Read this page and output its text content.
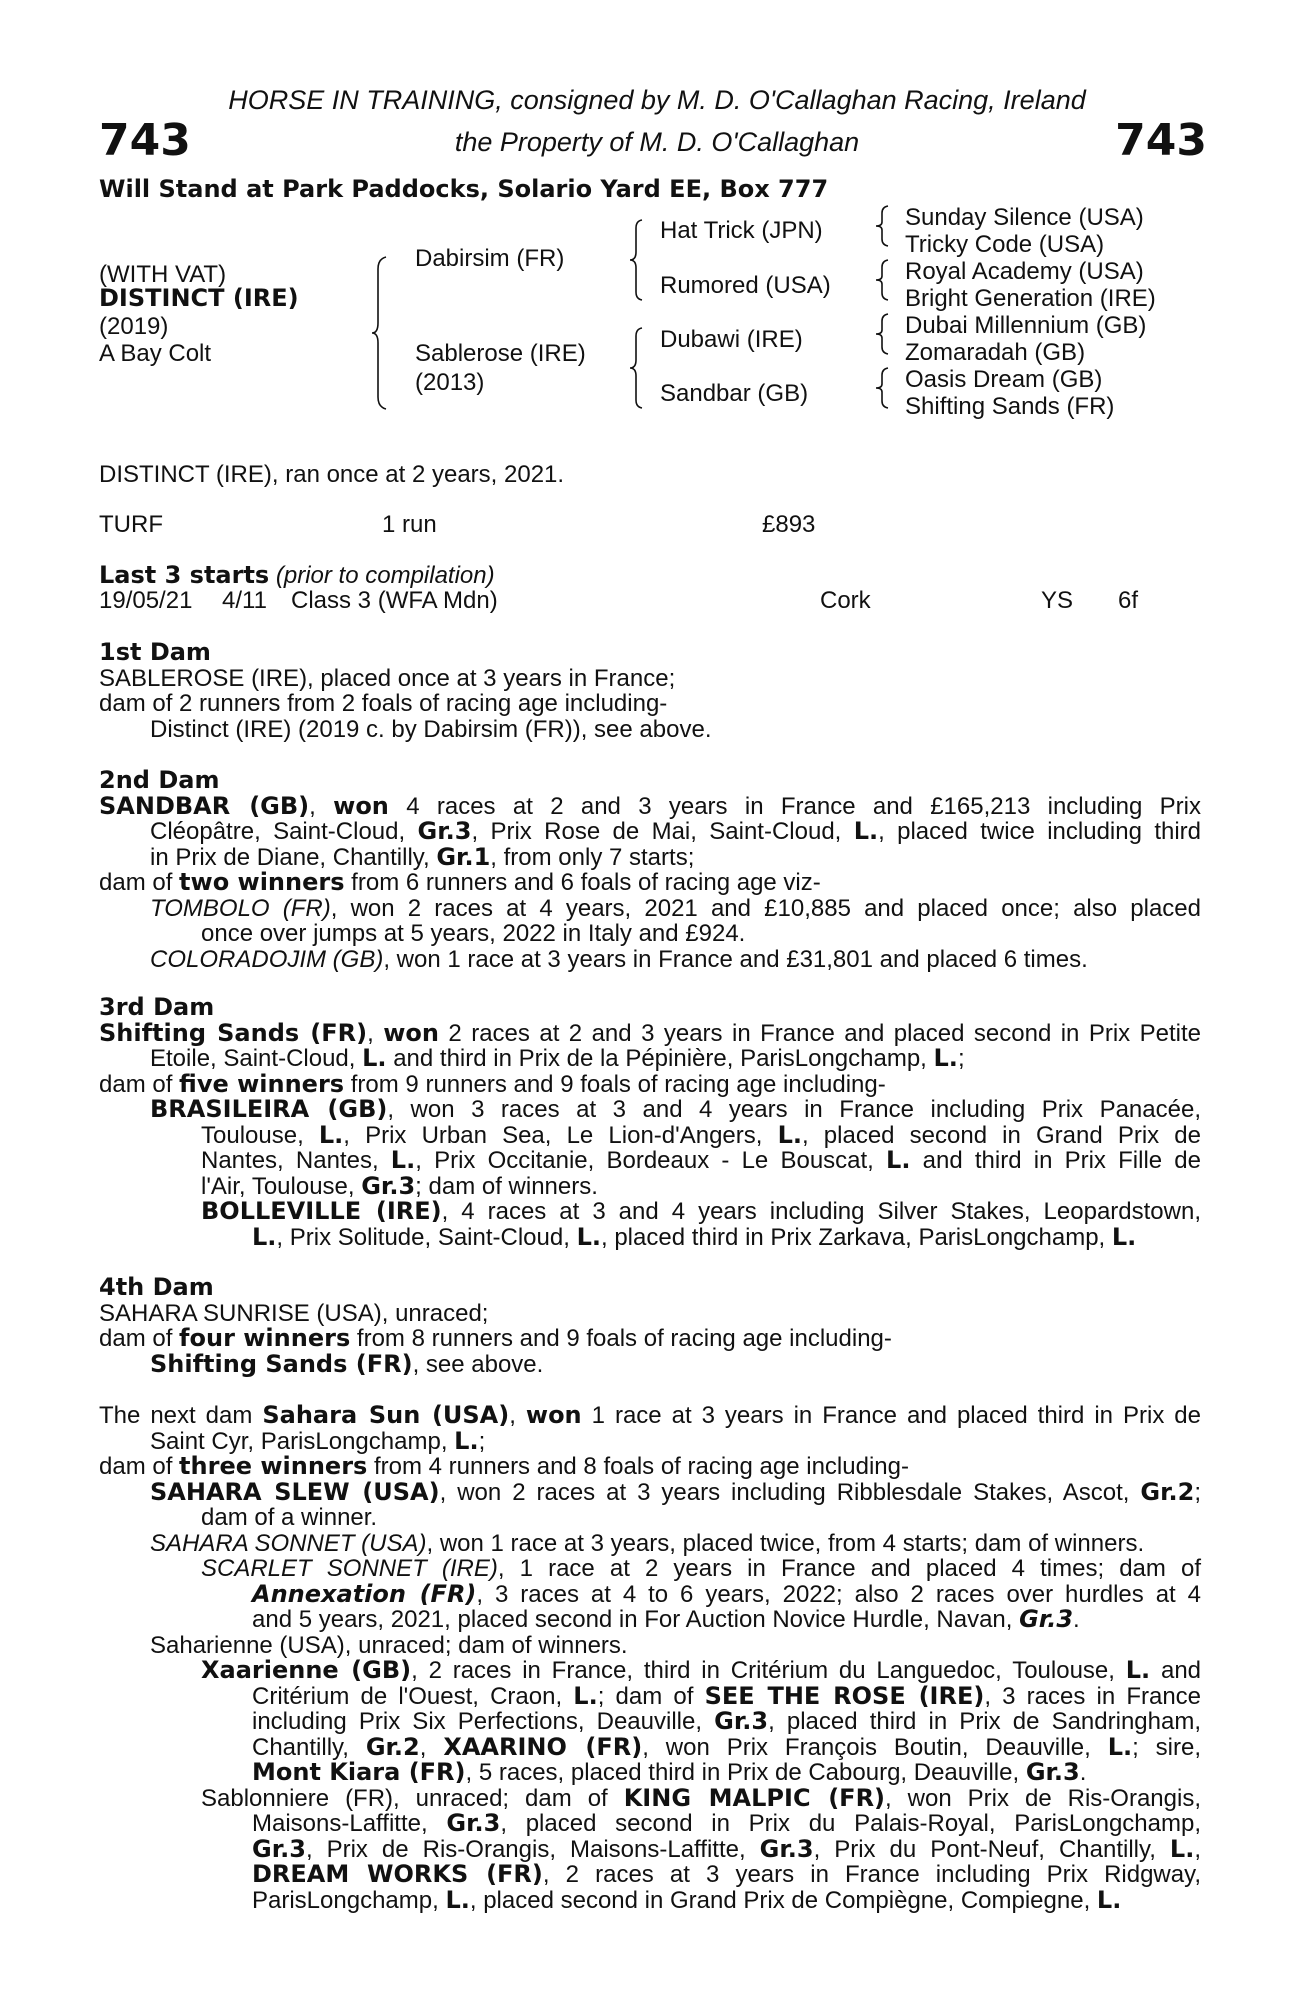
743	743
HORSE IN TRAINING, consigned by M. D. O'Callaghan Racing, Ireland
the Property of M. D. O'Callaghan
Will Stand at Park Paddocks, Solario Yard EE, Box 777
(WITH VAT)
DISTINCT (IRE)
(2019)
A Bay Colt
Dabirsim (FR)
Sablerose (IRE)
(2013)
Hat Trick (JPN)
Rumored (USA)
Dubawi (IRE)
Sandbar (GB)
Sunday Silence (USA)
Tricky Code (USA)
Royal Academy (USA)
Bright Generation (IRE)
Dubai Millennium (GB)
Zomaradah (GB)
Oasis Dream (GB)
Shifting Sands (FR)
DISTINCT (IRE), ran once at 2 years, 2021.
TURF	1 run	£893
Last 3 starts (prior to compilation)
19/05/21 4/11 Class 3 (WFA Mdn)	Cork	YS 6f
1st Dam
SABLEROSE (IRE), placed once at 3 years in France;
dam of 2 runners from 2 foals of racing age including-
Distinct (IRE) (2019 c. by Dabirsim (FR)), see above.
2nd Dam
SANDBAR (GB), won 4 races at 2 and 3 years in France and £165,213 including Prix
Cléopâtre, Saint-Cloud, Gr.3, Prix Rose de Mai, Saint-Cloud, L., placed twice including third
in Prix de Diane, Chantilly, Gr.1, from only 7 starts;
dam of two winners from 6 runners and 6 foals of racing age viz-
TOMBOLO (FR), won 2 races at 4 years, 2021 and £10,885 and placed once; also placed
once over jumps at 5 years, 2022 in Italy and £924.
COLORADOJIM (GB), won 1 race at 3 years in France and £31,801 and placed 6 times.
3rd Dam
Shifting Sands (FR), won 2 races at 2 and 3 years in France and placed second in Prix Petite
Etoile, Saint-Cloud, L. and third in Prix de la Pépinière, ParisLongchamp, L.;
dam of five winners from 9 runners and 9 foals of racing age including-
BRASILEIRA (GB), won 3 races at 3 and 4 years in France including Prix Panacée,
Toulouse, L., Prix Urban Sea, Le Lion-d'Angers, L., placed second in Grand Prix de
Nantes, Nantes, L., Prix Occitanie, Bordeaux - Le Bouscat, L. and third in Prix Fille de
l'Air, Toulouse, Gr.3; dam of winners.
BOLLEVILLE (IRE), 4 races at 3 and 4 years including Silver Stakes, Leopardstown,
L., Prix Solitude, Saint-Cloud, L., placed third in Prix Zarkava, ParisLongchamp, L.
4th Dam
SAHARA SUNRISE (USA), unraced;
dam of four winners from 8 runners and 9 foals of racing age including-
Shifting Sands (FR), see above.
The next dam Sahara Sun (USA), won 1 race at 3 years in France and placed third in Prix de
Saint Cyr, ParisLongchamp, L.;
dam of three winners from 4 runners and 8 foals of racing age including-
SAHARA SLEW (USA), won 2 races at 3 years including Ribblesdale Stakes, Ascot, Gr.2;
dam of a winner.
SAHARA SONNET (USA), won 1 race at 3 years, placed twice, from 4 starts; dam of winners.
SCARLET SONNET (IRE), 1 race at 2 years in France and placed 4 times; dam of
Annexation (FR), 3 races at 4 to 6 years, 2022; also 2 races over hurdles at 4
and 5 years, 2021, placed second in For Auction Novice Hurdle, Navan, Gr.3.
Saharienne (USA), unraced; dam of winners.
Xaarienne (GB), 2 races in France, third in Critérium du Languedoc, Toulouse, L. and
Critérium de l'Ouest, Craon, L.; dam of SEE THE ROSE (IRE), 3 races in France
including Prix Six Perfections, Deauville, Gr.3, placed third in Prix de Sandringham,
Chantilly, Gr.2, XAARINO (FR), won Prix François Boutin, Deauville, L.; sire,
Mont Kiara (FR), 5 races, placed third in Prix de Cabourg, Deauville, Gr.3.
Sablonniere (FR), unraced; dam of KING MALPIC (FR), won Prix de Ris-Orangis,
Maisons-Laffitte, Gr.3, placed second in Prix du Palais-Royal, ParisLongchamp,
Gr.3, Prix de Ris-Orangis, Maisons-Laffitte, Gr.3, Prix du Pont-Neuf, Chantilly, L.,
DREAM WORKS (FR), 2 races at 3 years in France including Prix Ridgway,
ParisLongchamp, L., placed second in Grand Prix de Compiègne, Compiegne, L.
